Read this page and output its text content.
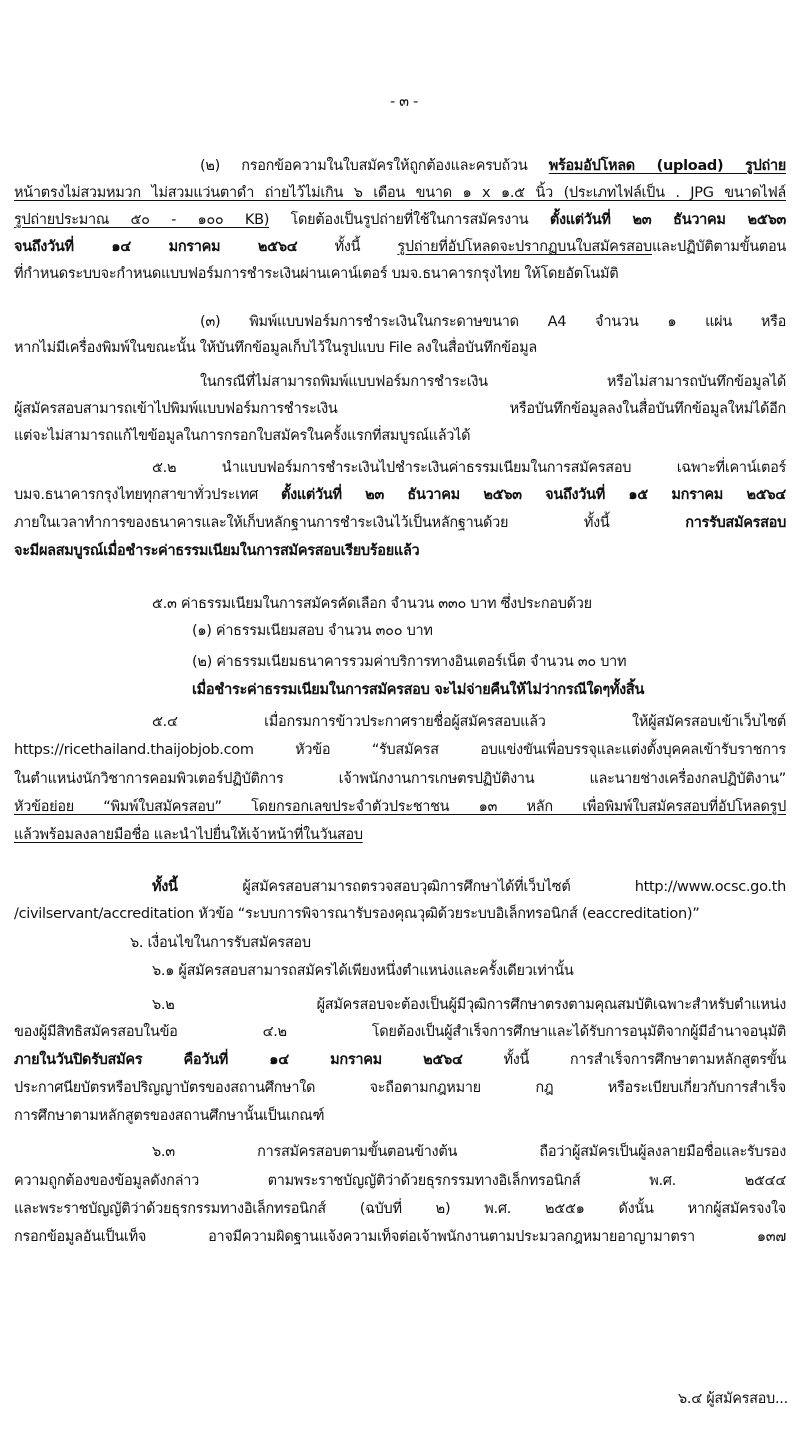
- ๓ -
(๒) กรอกข้อความในใบสมัครให้ถูกต้องและครบถ้วน พร้อมอัปโหลด (upload) รูปถ่าย
หน้าตรงไม่สวมหมวก ไม่สวมแว่นตาดำ ถ่ายไว้ไม่เกิน ๖ เดือน ขนาด ๑ x ๑.๕ นิ้ว (ประเภทไฟล์เป็น . JPG ขนาดไฟล์
รูปถ่ายประมาณ ๕๐ - ๑๐๐ KB) โดยต้องเป็นรูปถ่ายที่ใช้ในการสมัครงาน ตั้งแต่วันที่ ๒๓ ธันวาคม ๒๕๖๓
จนถึงวันที่ ๑๔ มกราคม ๒๕๖๔ ทั้งนี้ รูปถ่ายที่อัปโหลดจะปรากฏบนใบสมัครสอบและปฏิบัติตามขั้นตอน
ที่กำหนดระบบจะกำหนดแบบฟอร์มการชำระเงินผ่านเคาน์เตอร์ บมจ.ธนาคารกรุงไทย ให้โดยอัตโนมัติ
(๓) พิมพ์แบบฟอร์มการชำระเงินในกระดาษขนาด A4 จำนวน ๑ แผ่น หรือ
หากไม่มีเครื่องพิมพ์ในขณะนั้น ให้บันทึกข้อมูลเก็บไว้ในรูปแบบ File ลงในสื่อบันทึกข้อมูล
ในกรณีที่ไม่สามารถพิมพ์แบบฟอร์มการชำระเงิน หรือไม่สามารถบันทึกข้อมูลได้
ผู้สมัครสอบสามารถเข้าไปพิมพ์แบบฟอร์มการชำระเงิน หรือบันทึกข้อมูลลงในสื่อบันทึกข้อมูลใหม่ได้อีก
แต่จะไม่สามารถแก้ไขข้อมูลในการกรอกใบสมัครในครั้งแรกที่สมบูรณ์แล้วได้
๕.๒ นำแบบฟอร์มการชำระเงินไปชำระเงินค่าธรรมเนียมในการสมัครสอบ เฉพาะที่เคาน์เตอร์
บมจ.ธนาคารกรุงไทยทุกสาขาทั่วประเทศ ตั้งแต่วันที่ ๒๓ ธันวาคม ๒๕๖๓ จนถึงวันที่ ๑๕ มกราคม ๒๕๖๔
ภายในเวลาทำการของธนาคารและให้เก็บหลักฐานการชำระเงินไว้เป็นหลักฐานด้วย ทั้งนี้ การรับสมัครสอบ
จะมีผลสมบูรณ์เมื่อชำระค่าธรรมเนียมในการสมัครสอบเรียบร้อยแล้ว
๕.๓ ค่าธรรมเนียมในการสมัครคัดเลือก จำนวน ๓๓๐ บาท ซึ่งประกอบด้วย
(๑) ค่าธรรมเนียมสอบ จำนวน ๓๐๐ บาท
(๒) ค่าธรรมเนียมธนาคารรวมค่าบริการทางอินเตอร์เน็ต จำนวน ๓๐ บาท
เมื่อชำระค่าธรรมเนียมในการสมัครสอบ จะไม่จ่ายคืนให้ไม่ว่ากรณีใดๆทั้งสิ้น
๕.๔ เมื่อกรมการข้าวประกาศรายชื่อผู้สมัครสอบแล้ว ให้ผู้สมัครสอบเข้าเว็บไซต์
https://ricethailand.thaijobjob.com หัวข้อ “รับสมัครส อบแข่งขันเพื่อบรรจุและแต่งตั้งบุคคลเข้ารับราชการ
ในตำแหน่งนักวิชาการคอมพิวเตอร์ปฏิบัติการ เจ้าพนักงานการเกษตรปฏิบัติงาน และนายช่างเครื่องกลปฏิบัติงาน”
หัวข้อย่อย “พิมพ์ใบสมัครสอบ” โดยกรอกเลขประจำตัวประชาชน ๑๓ หลัก เพื่อพิมพ์ใบสมัครสอบที่อัปโหลดรูป
แล้วพร้อมลงลายมือชื่อ และนำไปยื่นให้เจ้าหน้าที่ในวันสอบ
ทั้งนี้ ผู้สมัครสอบสามารถตรวจสอบวุฒิการศึกษาได้ที่เว็บไซต์ http://www.ocsc.go.th
/civilservant/accreditation หัวข้อ “ระบบการพิจารณารับรองคุณวุฒิด้วยระบบอิเล็กทรอนิกส์ (eaccreditation)”
๖. เงื่อนไขในการรับสมัครสอบ
๖.๑ ผู้สมัครสอบสามารถสมัครได้เพียงหนึ่งตำแหน่งและครั้งเดียวเท่านั้น
๖.๒ ผู้สมัครสอบจะต้องเป็นผู้มีวุฒิการศึกษาตรงตามคุณสมบัติเฉพาะสำหรับตำแหน่ง
ของผู้มีสิทธิสมัครสอบในข้อ ๔.๒ โดยต้องเป็นผู้สำเร็จการศึกษาและได้รับการอนุมัติจากผู้มีอำนาจอนุมัติ
ภายในวันปิดรับสมัคร คือวันที่ ๑๔ มกราคม ๒๕๖๔ ทั้งนี้ การสำเร็จการศึกษาตามหลักสูตรขั้น
ประกาศนียบัตรหรือปริญญาบัตรของสถานศึกษาใด จะถือตามกฎหมาย กฎ หรือระเบียบเกี่ยวกับการสำเร็จ
การศึกษาตามหลักสูตรของสถานศึกษานั้นเป็นเกณฑ์
๖.๓ การสมัครสอบตามขั้นตอนข้างต้น ถือว่าผู้สมัครเป็นผู้ลงลายมือชื่อและรับรอง
ความถูกต้องของข้อมูลดังกล่าว ตามพระราชบัญญัติว่าด้วยธุรกรรมทางอิเล็กทรอนิกส์ พ.ศ. ๒๕๔๔
และพระราชบัญญัติว่าด้วยธุรกรรมทางอิเล็กทรอนิกส์ (ฉบับที่ ๒) พ.ศ. ๒๕๕๑ ดังนั้น หากผู้สมัครจงใจ
กรอกข้อมูลอันเป็นเท็จ อาจมีความผิดฐานแจ้งความเท็จต่อเจ้าพนักงานตามประมวลกฎหมายอาญามาตรา ๑๓๗
๖.๔ ผู้สมัครสอบ...
